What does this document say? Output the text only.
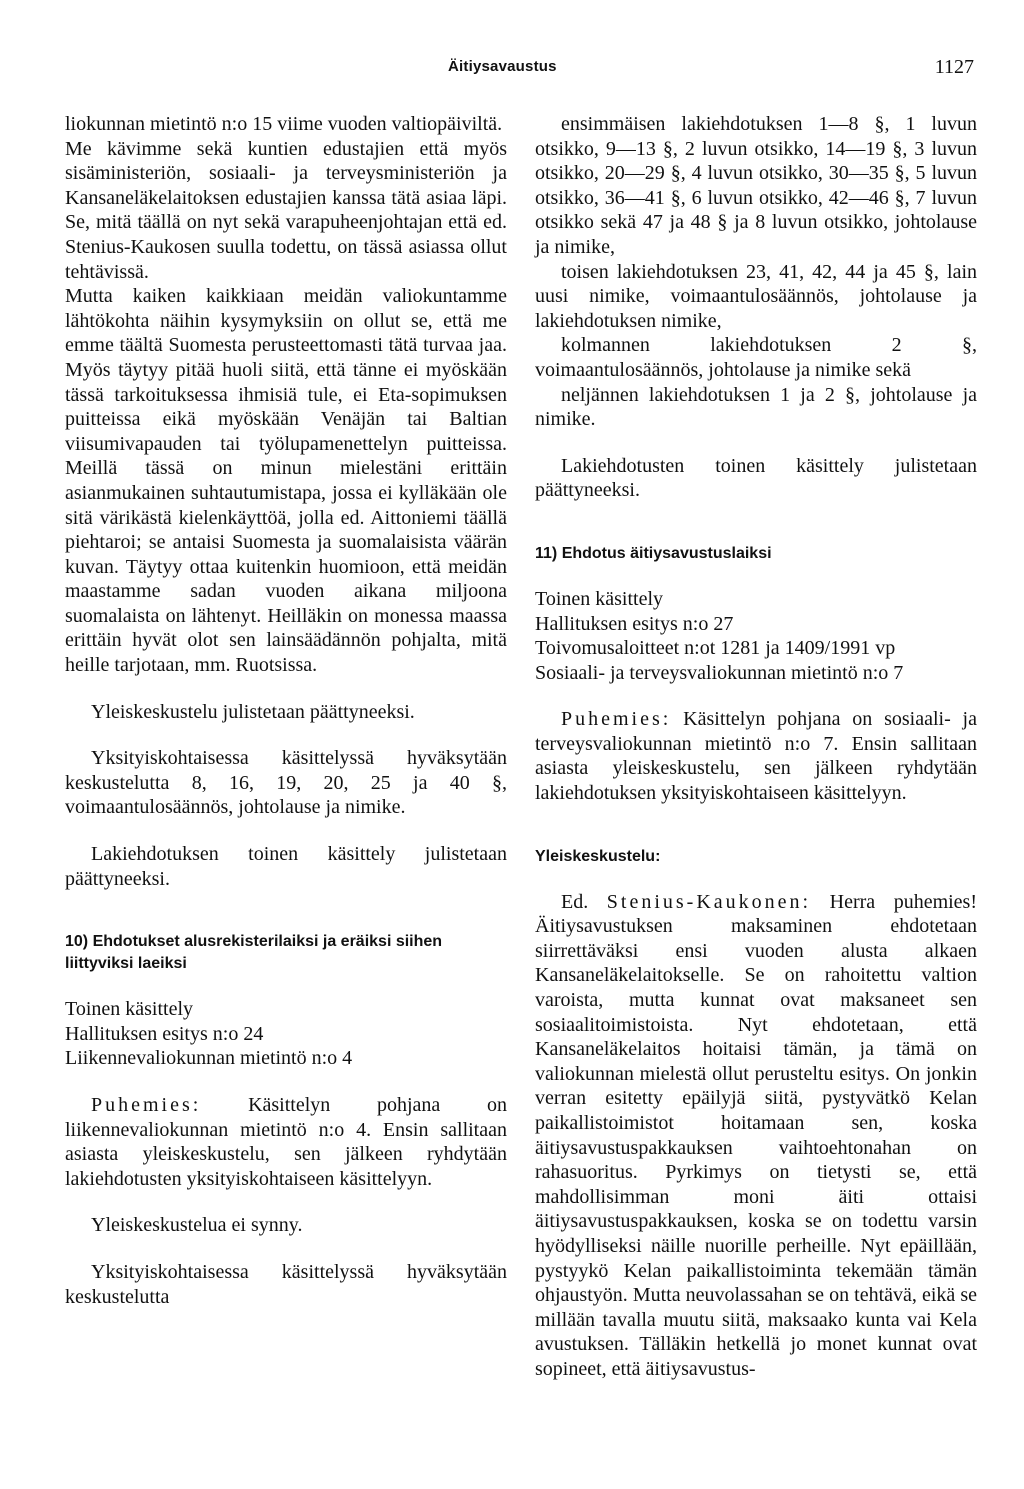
Äitiysavaustus	1127

liokunnan mietintö n:o 15 viime vuoden valtiopäiviltä.

Me kävimme sekä kuntien edustajien että myös sisäministeriön, sosiaali- ja terveysministeriön ja Kansaneläkelaitoksen edustajien kanssa tätä asiaa läpi. Se, mitä täällä on nyt sekä varapuheenjohtajan että ed. Stenius-Kaukosen suulla todettu, on tässä asiassa ollut tehtävissä.

Mutta kaiken kaikkiaan meidän valiokuntamme lähtökohta näihin kysymyksiin on ollut se, että me emme täältä Suomesta perusteettomasti tätä turvaa jaa. Myös täytyy pitää huoli siitä, että tänne ei myöskään tässä tarkoituksessa ihmisiä tule, ei Eta-sopimuksen puitteissa eikä myöskään Venäjän tai Baltian viisumivapauden tai työlupamenettelyn puitteissa. Meillä tässä on minun mielestäni erittäin asianmukainen suhtautumistapa, jossa ei kylläkään ole sitä värikästä kielenkäyttöä, jolla ed. Aittoniemi täällä piehtaroi; se antaisi Suomesta ja suomalaisista väärän kuvan. Täytyy ottaa kuitenkin huomioon, että meidän maastamme sadan vuoden aikana miljoona suomalaista on lähtenyt. Heilläkin on monessa maassa erittäin hyvät olot sen lainsäädännön pohjalta, mitä heille tarjotaan, mm. Ruotsissa.

Yleiskeskustelu julistetaan päättyneeksi.

Yksityiskohtaisessa käsittelyssä hyväksytään keskustelutta 8, 16, 19, 20, 25 ja 40 §, voimaantulosäännös, johtolause ja nimike.

Lakiehdotuksen toinen käsittely julistetaan päättyneeksi.

10) Ehdotukset alusrekisterilaiksi ja eräiksi siihen liittyviksi laeiksi

Toinen käsittely

Hallituksen esitys n:o 24

Liikennevaliokunnan mietintö n:o 4

Puhemies: Käsittelyn pohjana on liikennevaliokunnan mietintö n:o 4. Ensin sallitaan asiasta yleiskeskustelu, sen jälkeen ryhdytään lakiehdotusten yksityiskohtaiseen käsittelyyn.

Yleiskeskustelua ei synny.

Yksityiskohtaisessa käsittelyssä hyväksytään keskustelutta

ensimmäisen lakiehdotuksen 1—8 §, 1 luvun otsikko, 9—13 §, 2 luvun otsikko, 14—19 §, 3 luvun otsikko, 20—29 §, 4 luvun otsikko, 30—35 §, 5 luvun otsikko, 36—41 §, 6 luvun otsikko, 42—46 §, 7 luvun otsikko sekä 47 ja 48 § ja 8 luvun otsikko, johtolause ja nimike,

toisen lakiehdotuksen 23, 41, 42, 44 ja 45 §, lain uusi nimike, voimaantulosäännös, johtolause ja lakiehdotuksen nimike,

kolmannen lakiehdotuksen 2 §, voimaantulosäännös, johtolause ja nimike sekä

neljännen lakiehdotuksen 1 ja 2 §, johtolause ja nimike.

Lakiehdotusten toinen käsittely julistetaan päättyneeksi.

11) Ehdotus äitiysavustuslaiksi

Toinen käsittely

Hallituksen esitys n:o 27

Toivomusaloitteet n:ot 1281 ja 1409/1991 vp

Sosiaali- ja terveysvaliokunnan mietintö n:o 7

Puhemies: Käsittelyn pohjana on sosiaali- ja terveysvaliokunnan mietintö n:o 7. Ensin sallitaan asiasta yleiskeskustelu, sen jälkeen ryhdytään lakiehdotuksen yksityiskohtaiseen käsittelyyn.

Yleiskeskustelu:

Ed. Stenius-Kaukonen: Herra puhemies! Äitiysavustuksen maksaminen ehdotetaan siirrettäväksi ensi vuoden alusta alkaen Kansaneläkelaitokselle. Se on rahoitettu valtion varoista, mutta kunnat ovat maksaneet sen sosiaalitoimistoista. Nyt ehdotetaan, että Kansaneläkelaitos hoitaisi tämän, ja tämä on valiokunnan mielestä ollut perusteltu esitys. On jonkin verran esitetty epäilyjä siitä, pystyvätkö Kelan paikallistoimistot hoitamaan sen, koska äitiysavustuspakkauksen vaihtoehtonahan on rahasuoritus. Pyrkimys on tietysti se, että mahdollisimman moni äiti ottaisi äitiysavustuspakkauksen, koska se on todettu varsin hyödylliseksi näille nuorille perheille. Nyt epäillään, pystyykö Kelan paikallistoiminta tekemään tämän ohjaustyön. Mutta neuvolassahan se on tehtävä, eikä se millään tavalla muutu siitä, maksaako kunta vai Kela avustuksen. Tälläkin hetkellä jo monet kunnat ovat sopineet, että äitiysavustus-
